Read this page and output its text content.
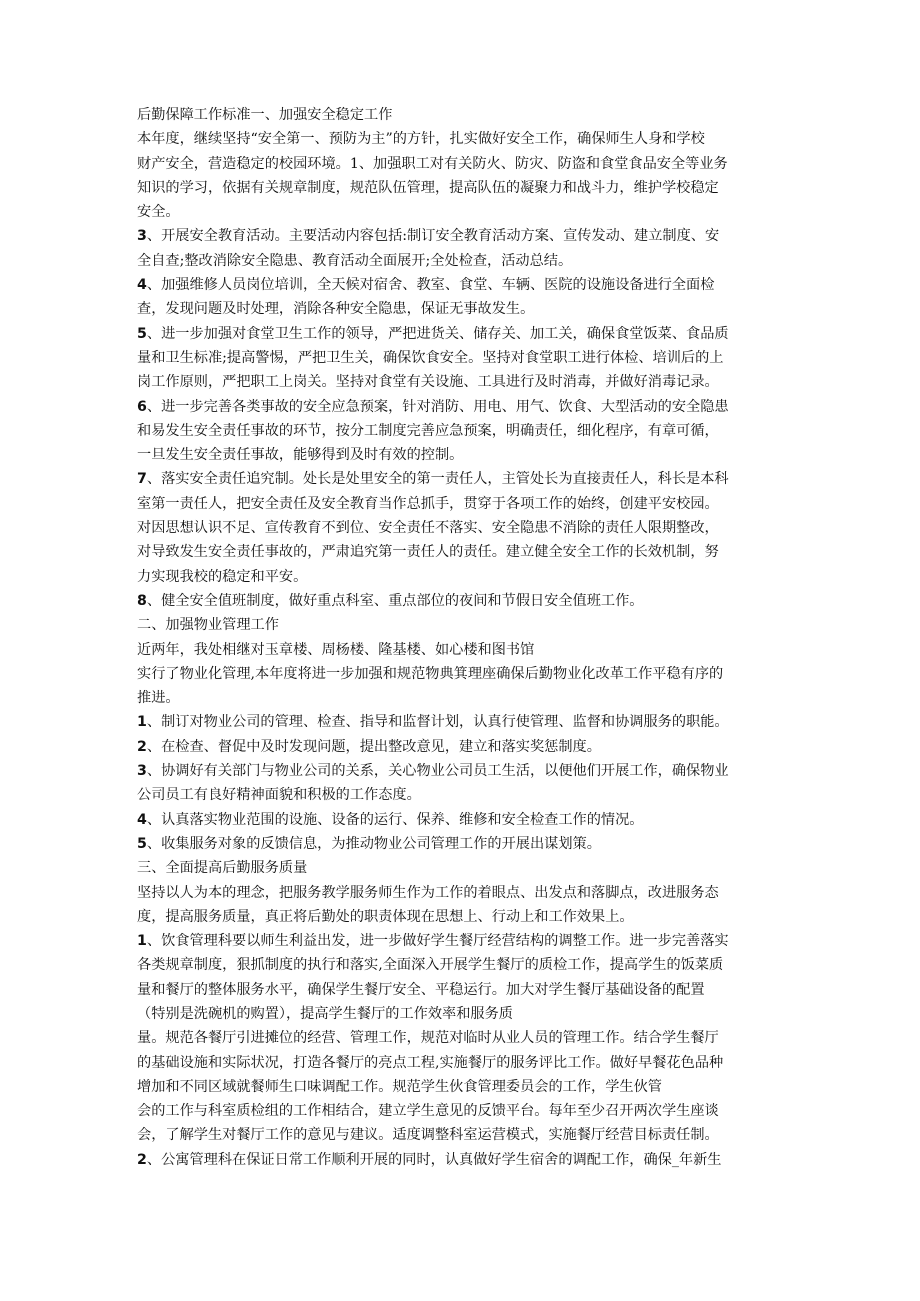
后勤保障工作标准一、加强安全稳定工作
本年度，继续坚持“安全第一、预防为主”的方针，扎实做好安全工作，确保师生人身和学校
财产安全，营造稳定的校园环境。1、加强职工对有关防火、防灾、防盗和食堂食品安全等业务
知识的学习，依据有关规章制度，规范队伍管理，提高队伍的凝聚力和战斗力，维护学校稳定
安全。
3、开展安全教育活动。主要活动内容包括:制订安全教育活动方案、宣传发动、建立制度、安
全自查;整改消除安全隐患、教育活动全面展开;全处检查，活动总结。
4、加强维修人员岗位培训，全天候对宿舍、教室、食堂、车辆、医院的设施设备进行全面检
查，发现问题及时处理，消除各种安全隐患，保证无事故发生。
5、进一步加强对食堂卫生工作的领导，严把进货关、储存关、加工关，确保食堂饭菜、食品质
量和卫生标准;提高警惕，严把卫生关，确保饮食安全。坚持对食堂职工进行体检、培训后的上
岗工作原则，严把职工上岗关。坚持对食堂有关设施、工具进行及时消毒，并做好消毒记录。
6、进一步完善各类事故的安全应急预案，针对消防、用电、用气、饮食、大型活动的安全隐患
和易发生安全责任事故的环节，按分工制度完善应急预案，明确责任，细化程序，有章可循，
一旦发生安全责任事故，能够得到及时有效的控制。
7、落实安全责任追究制。处长是处里安全的第一责任人，主管处长为直接责任人，科长是本科
室第一责任人，把安全责任及安全教育当作总抓手，贯穿于各项工作的始终，创建平安校园。
对因思想认识不足、宣传教育不到位、安全责任不落实、安全隐患不消除的责任人限期整改，
对导致发生安全责任事故的，严肃追究第一责任人的责任。建立健全安全工作的长效机制，努
力实现我校的稳定和平安。
8、健全安全值班制度，做好重点科室、重点部位的夜间和节假日安全值班工作。
二、加强物业管理工作
近两年，我处相继对玉章楼、周杨楼、隆基楼、如心楼和图书馆
实行了物业化管理,本年度将进一步加强和规范物典箕理座确保后勤物业化改革工作平稳有序的
推进。
1、制订对物业公司的管理、检查、指导和监督计划，认真行使管理、监督和协调服务的职能。
2、在检查、督促中及时发现问题，提出整改意见，建立和落实奖惩制度。
3、协调好有关部门与物业公司的关系，关心物业公司员工生活，以便他们开展工作，确保物业
公司员工有良好精神面貌和积极的工作态度。
4、认真落实物业范围的设施、设备的运行、保养、维修和安全检查工作的情况。
5、收集服务对象的反馈信息，为推动物业公司管理工作的开展出谋划策。
三、全面提高后勤服务质量
坚持以人为本的理念，把服务教学服务师生作为工作的着眼点、出发点和落脚点，改进服务态
度，提高服务质量，真正将后勤处的职责体现在思想上、行动上和工作效果上。
1、饮食管理科要以师生利益出发，进一步做好学生餐厅经营结构的调整工作。进一步完善落实
各类规章制度，狠抓制度的执行和落实,全面深入开展学生餐厅的质检工作，提高学生的饭菜质
量和餐厅的整体服务水平，确保学生餐厅安全、平稳运行。加大对学生餐厅基础设备的配置
（特别是洗碗机的购置），提高学生餐厅的工作效率和服务质
量。规范各餐厅引进摊位的经营、管理工作，规范对临时从业人员的管理工作。结合学生餐厅
的基础设施和实际状况，打造各餐厅的亮点工程,实施餐厅的服务评比工作。做好早餐花色品种
增加和不同区域就餐师生口味调配工作。规范学生伙食管理委员会的工作，学生伙管
会的工作与科室质检组的工作相结合，建立学生意见的反馈平台。每年至少召开两次学生座谈
会，了解学生对餐厅工作的意见与建议。适度调整科室运营模式，实施餐厅经营目标责任制。
2、公寓管理科在保证日常工作顺利开展的同时，认真做好学生宿舍的调配工作，确保_年新生
